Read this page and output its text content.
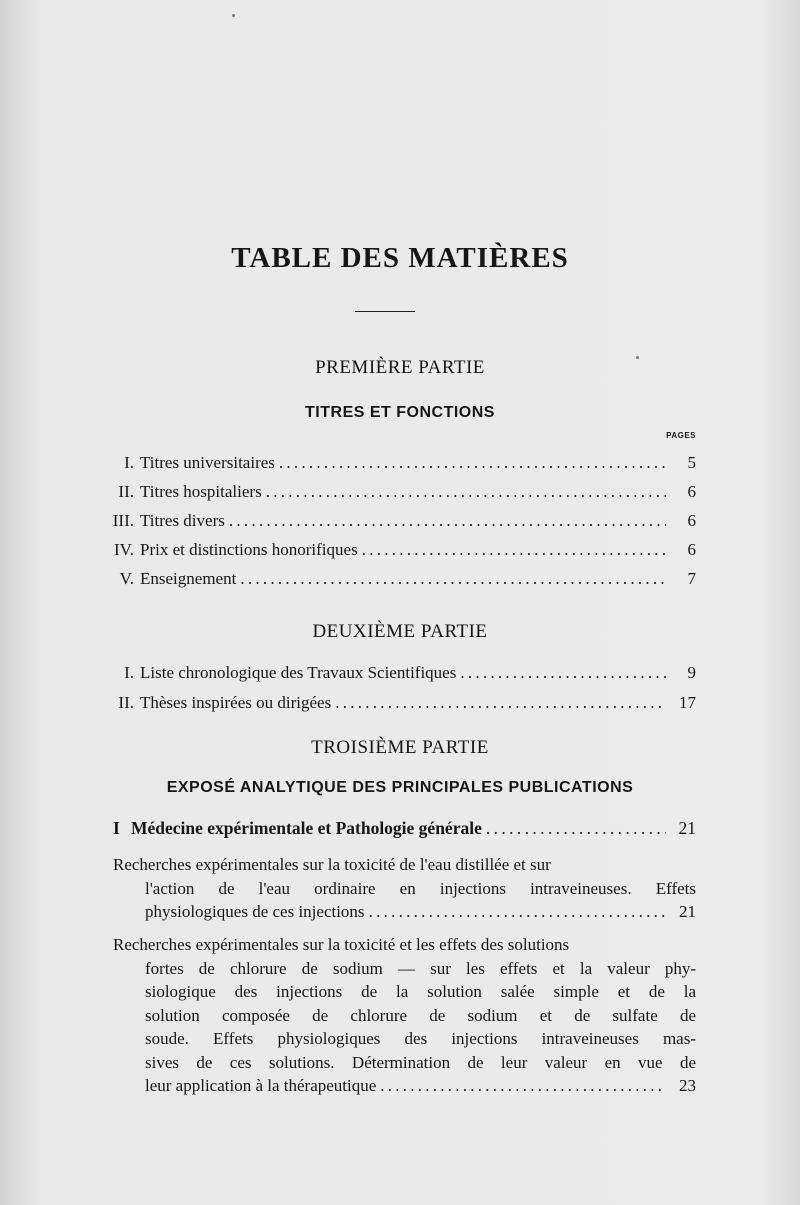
TABLE DES MATIÈRES
PREMIÈRE PARTIE
TITRES ET FONCTIONS
PAGES
I. Titres universitaires . . .	5
II. Titres hospitaliers . . .	6
III. Titres divers . . .	6
IV. Prix et distinctions honorifiques . . .	6
V. Enseignement . . .	7
DEUXIÈME PARTIE
I. Liste chronologique des Travaux Scientifiques . . .	9
II. Thèses inspirées ou dirigées . . .	17
TROISIÈME PARTIE
EXPOSÉ ANALYTIQUE DES PRINCIPALES PUBLICATIONS
I Médecine expérimentale et Pathologie générale . . .	21
Recherches expérimentales sur la toxicité de l'eau distillée et sur
l'action de l'eau ordinaire en injections intraveineuses. Effets
physiologiques de ces injections . . .	21
Recherches expérimentales sur la toxicité et les effets des solutions
fortes de chlorure de sodium — sur les effets et la valeur phy-
siologique des injections de la solution salée simple et de la
solution composée de chlorure de sodium et de sulfate de
soude. Effets physiologiques des injections intraveineuses mas-
sives de ces solutions. Détermination de leur valeur en vue de
leur application à la thérapeutique . . .	23
